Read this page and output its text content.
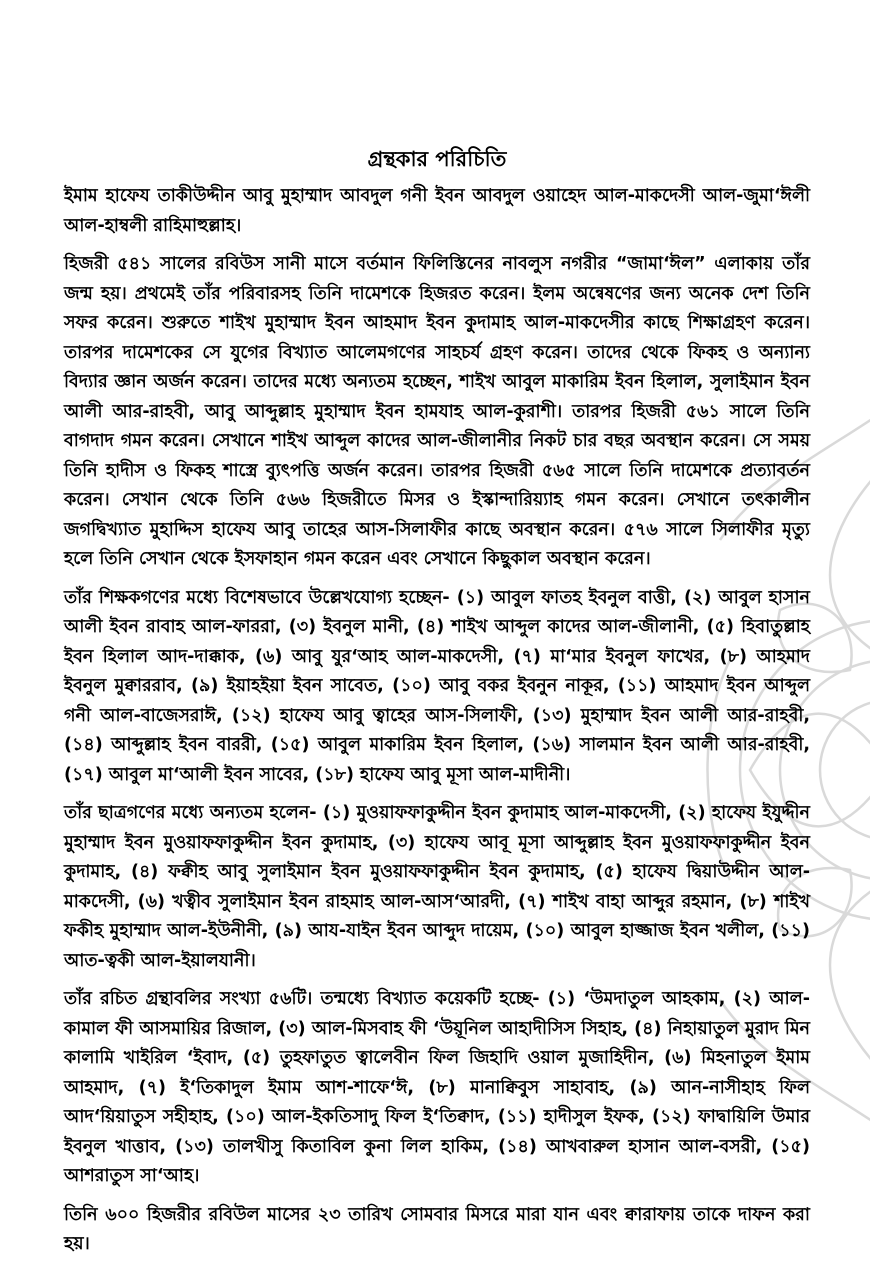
গ্রন্থকার পরিচিতি

ইমাম হাফেয তাকীউদ্দীন আবু মুহাম্মাদ আবদুল গনী ইবন আবদুল ওয়াহেদ আল-মাকদেসী আল-জুমা‘ঈলী আল-হাম্বলী রাহিমাহুল্লাহ।

হিজরী ৫৪১ সালের রবিউস সানী মাসে বর্তমান ফিলিস্তিনের নাবলুস নগরীর “জামা‘ঈল” এলাকায় তাঁর জন্ম হয়। প্রথমেই তাঁর পরিবারসহ তিনি দামেশকে হিজরত করেন। ইলম অন্বেষণের জন্য অনেক দেশ তিনি সফর করেন। শুরুতে শাইখ মুহাম্মাদ ইবন আহমাদ ইবন কুদামাহ আল-মাকদেসীর কাছে শিক্ষাগ্রহণ করেন। তারপর দামেশকের সে যুগের বিখ্যাত আলেমগণের সাহচর্য গ্রহণ করেন। তাদের থেকে ফিকহ ও অন্যান্য বিদ্যার জ্ঞান অর্জন করেন। তাদের মধ্যে অন্যতম হচ্ছেন, শাইখ আবুল মাকারিম ইবন হিলাল, সুলাইমান ইবন আলী আর-রাহবী, আবু আব্দুল্লাহ মুহাম্মাদ ইবন হামযাহ আল-কুরাশী। তারপর হিজরী ৫৬১ সালে তিনি বাগদাদ গমন করেন। সেখানে শাইখ আব্দুল কাদের আল-জীলানীর নিকট চার বছর অবস্থান করেন। সে সময় তিনি হাদীস ও ফিকহ শাস্ত্রে ব্যুৎপত্তি অর্জন করেন। তারপর হিজরী ৫৬৫ সালে তিনি দামেশকে প্রত্যাবর্তন করেন। সেখান থেকে তিনি ৫৬৬ হিজরীতে মিসর ও ইস্কান্দারিয়্যাহ গমন করেন। সেখানে তৎকালীন জগদ্বিখ্যাত মুহাদ্দিস হাফেয আবু তাহের আস-সিলাফীর কাছে অবস্থান করেন। ৫৭৬ সালে সিলাফীর মৃত্যু হলে তিনি সেখান থেকে ইসফাহান গমন করেন এবং সেখানে কিছুকাল অবস্থান করেন।

তাঁর শিক্ষকগণের মধ্যে বিশেষভাবে উল্লেখযোগ্য হচ্ছেন- (১) আবুল ফাতহ ইবনুল বাত্তী, (২) আবুল হাসান আলী ইবন রাবাহ আল-ফাররা, (৩) ইবনুল মানী, (৪) শাইখ আব্দুল কাদের আল-জীলানী, (৫) হিবাতুল্লাহ ইবন হিলাল আদ-দাক্কাক, (৬) আবু যুর‘আহ আল-মাকদেসী, (৭) মা‘মার ইবনুল ফাখের, (৮) আহমাদ ইবনুল মুক্বাররাব, (৯) ইয়াহইয়া ইবন সাবেত, (১০) আবু বকর ইবনুন নাকূর, (১১) আহমাদ ইবন আব্দুল গনী আল-বাজেসরাঈ, (১২) হাফেয আবু ত্বাহের আস-সিলাফী, (১৩) মুহাম্মাদ ইবন আলী আর-রাহবী, (১৪) আব্দুল্লাহ ইবন বাররী, (১৫) আবুল মাকারিম ইবন হিলাল, (১৬) সালমান ইবন আলী আর-রাহবী, (১৭) আবুল মা‘আলী ইবন সাবের, (১৮) হাফেয আবু মূসা আল-মাদীনী।

তাঁর ছাত্রগণের মধ্যে অন্যতম হলেন- (১) মুওয়াফফাকুদ্দীন ইবন কুদামাহ আল-মাকদেসী, (২) হাফেয ইযুদ্দীন মুহাম্মাদ ইবন মুওয়াফফাকুদ্দীন ইবন কুদামাহ, (৩) হাফেয আবূ মূসা আব্দুল্লাহ ইবন মুওয়াফফাকুদ্দীন ইবন কুদামাহ, (৪) ফক্বীহ আবু সুলাইমান ইবন মুওয়াফফাকুদ্দীন ইবন কুদামাহ, (৫) হাফেয দ্বিয়াউদ্দীন আল-মাকদেসী, (৬) খত্বীব সুলাইমান ইবন রাহমাহ আল-আস‘আরদী, (৭) শাইখ বাহা আব্দুর রহমান, (৮) শাইখ ফকীহ মুহাম্মাদ আল-ইউনীনী, (৯) আয-যাইন ইবন আব্দুদ দায়েম, (১০) আবুল হাজ্জাজ ইবন খলীল, (১১) আত-ত্বকী আল-ইয়ালযানী।

তাঁর রচিত গ্রন্থাবলির সংখ্যা ৫৬টি। তন্মধ্যে বিখ্যাত কয়েকটি হচ্ছে- (১) ‘উমদাতুল আহকাম, (২) আল-কামাল ফী আসমায়ির রিজাল, (৩) আল-মিসবাহ ফী ‘উয়ূনিল আহাদীসিস সিহাহ, (৪) নিহায়াতুল মুরাদ মিন কালামি খাইরিল ‘ইবাদ, (৫) তুহফাতুত ত্বালেবীন ফিল জিহাদি ওয়াল মুজাহিদীন, (৬) মিহনাতুল ইমাম আহমাদ, (৭) ই‘তিকাদুল ইমাম আশ-শাফে‘ঈ, (৮) মানাক্বিবুস সাহাবাহ, (৯) আন-নাসীহাহ ফিল আদ‘য়িয়াতুস সহীহাহ, (১০) আল-ইকতিসাদু ফিল ই‘তিক্বাদ, (১১) হাদীসুল ইফক, (১২) ফাদ্বায়িলি উমার ইবনুল খাত্তাব, (১৩) তালখীসু কিতাবিল কুনা লিল হাকিম, (১৪) আখবারুল হাসান আল-বসরী, (১৫) আশরাতুস সা‘আহ।

তিনি ৬০০ হিজরীর রবিউল মাসের ২৩ তারিখ সোমবার মিসরে মারা যান এবং ক্বারাফায় তাকে দাফন করা হয়।
